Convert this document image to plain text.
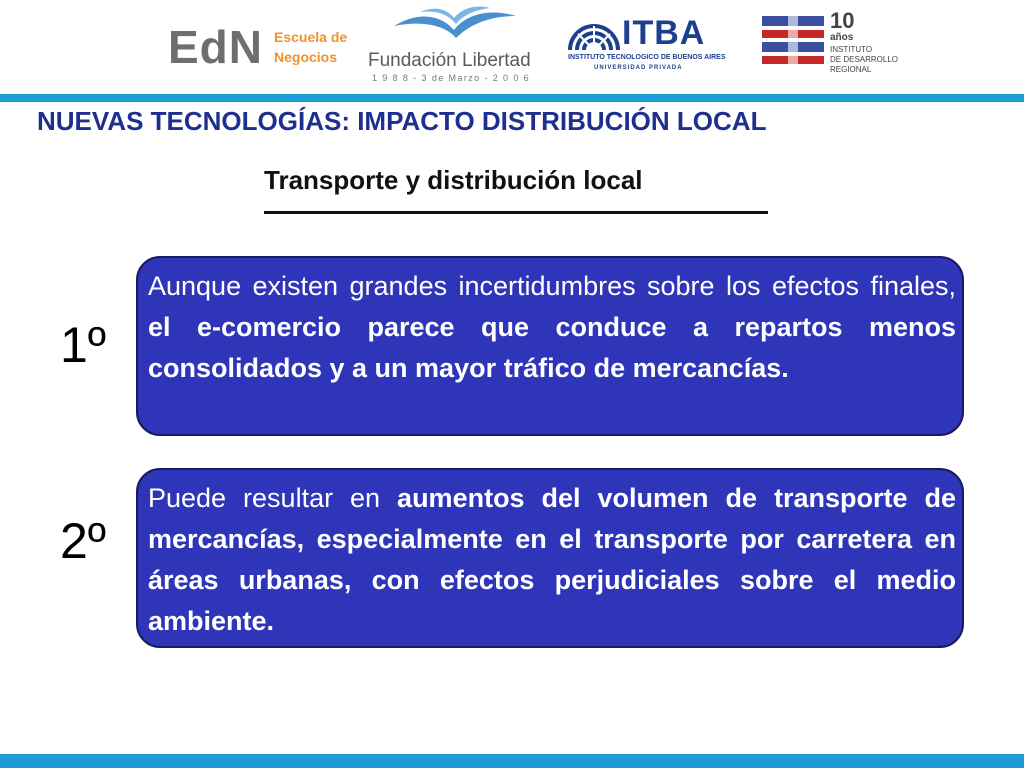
EdN Escuela de
Negocios Fundación Libertad
1 9 8 8 - 3 de Marzo - 2 0 0 6
ITBA
INSTITUTO TECNOLOGICO DE BUENOS AIRES
UNIVERSIDAD PRIVADA
10
años
INSTITUTO
DE DESARROLLO
REGIONAL
NUEVAS TECNOLOGÍAS: IMPACTO DISTRIBUCIÓN LOCAL
Transporte y distribución local

1º

Aunque existen grandes incertidumbres sobre los efectos finales, el e-comercio parece que conduce a repartos menos consolidados y a un mayor tráfico de mercancías.

2º

Puede resultar en aumentos del volumen de transporte de mercancías, especialmente en el transporte por carretera en áreas urbanas, con efectos perjudiciales sobre el medio ambiente.
